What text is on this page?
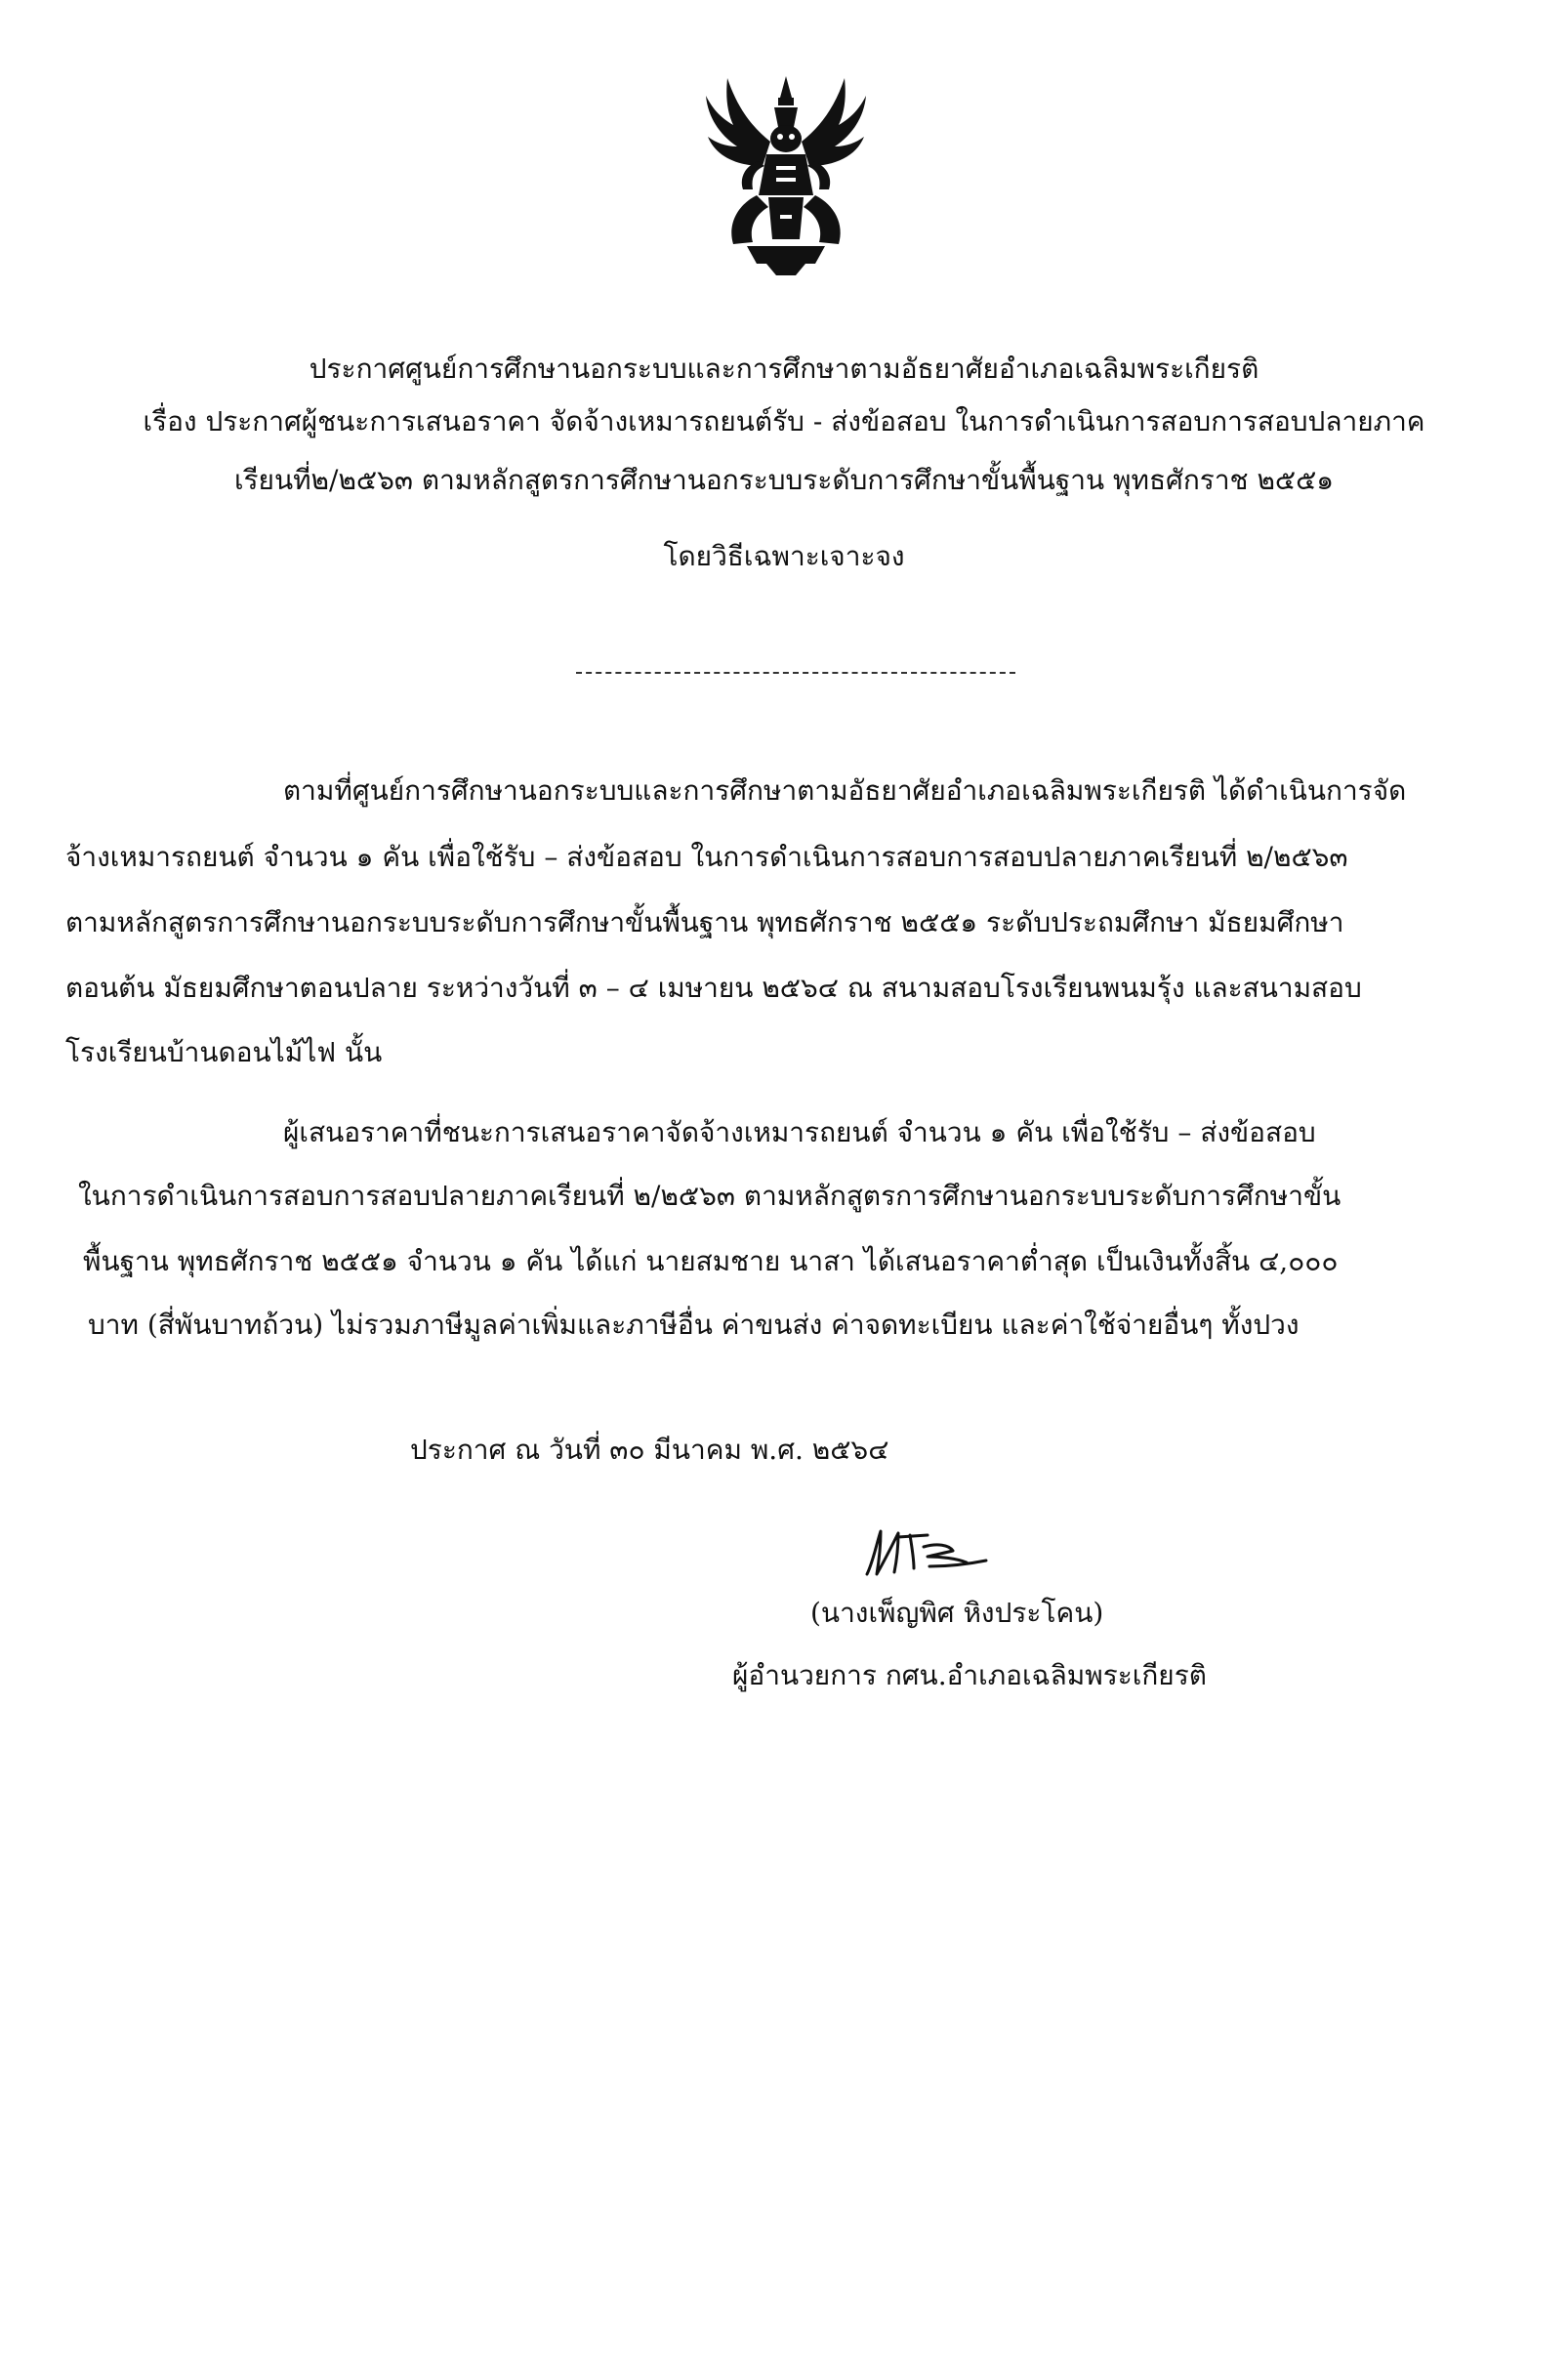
ประกาศศูนย์การศึกษานอกระบบและการศึกษาตามอัธยาศัยอำเภอเฉลิมพระเกียรติ
เรื่อง ประกาศผู้ชนะการเสนอราคา จัดจ้างเหมารถยนต์รับ - ส่งข้อสอบ ในการดำเนินการสอบการสอบปลายภาค
เรียนที่๒/๒๕๖๓ ตามหลักสูตรการศึกษานอกระบบระดับการศึกษาขั้นพื้นฐาน พุทธศักราช ๒๕๕๑
โดยวิธีเฉพาะเจาะจง
ตามที่ศูนย์การศึกษานอกระบบและการศึกษาตามอัธยาศัยอำเภอเฉลิมพระเกียรติ ได้ดำเนินการจัด
จ้างเหมารถยนต์ จำนวน ๑ คัน เพื่อใช้รับ – ส่งข้อสอบ ในการดำเนินการสอบการสอบปลายภาคเรียนที่ ๒/๒๕๖๓
ตามหลักสูตรการศึกษานอกระบบระดับการศึกษาขั้นพื้นฐาน พุทธศักราช ๒๕๕๑ ระดับประถมศึกษา มัธยมศึกษา
ตอนต้น มัธยมศึกษาตอนปลาย ระหว่างวันที่ ๓ – ๔ เมษายน ๒๕๖๔ ณ สนามสอบโรงเรียนพนมรุ้ง และสนามสอบ
โรงเรียนบ้านดอนไม้ไฟ นั้น
ผู้เสนอราคาที่ชนะการเสนอราคาจัดจ้างเหมารถยนต์ จำนวน ๑ คัน เพื่อใช้รับ – ส่งข้อสอบ
ในการดำเนินการสอบการสอบปลายภาคเรียนที่ ๒/๒๕๖๓ ตามหลักสูตรการศึกษานอกระบบระดับการศึกษาขั้น
พื้นฐาน พุทธศักราช ๒๕๕๑ จำนวน ๑ คัน ได้แก่ นายสมชาย นาสา ได้เสนอราคาต่ำสุด เป็นเงินทั้งสิ้น ๔,๐๐๐
บาท (สี่พันบาทถ้วน) ไม่รวมภาษีมูลค่าเพิ่มและภาษีอื่น ค่าขนส่ง ค่าจดทะเบียน และค่าใช้จ่ายอื่นๆ ทั้งปวง
ประกาศ ณ วันที่ ๓๐ มีนาคม พ.ศ. ๒๕๖๔
(นางเพ็ญพิศ หิงประโคน)
ผู้อำนวยการ กศน.อำเภอเฉลิมพระเกียรติ
